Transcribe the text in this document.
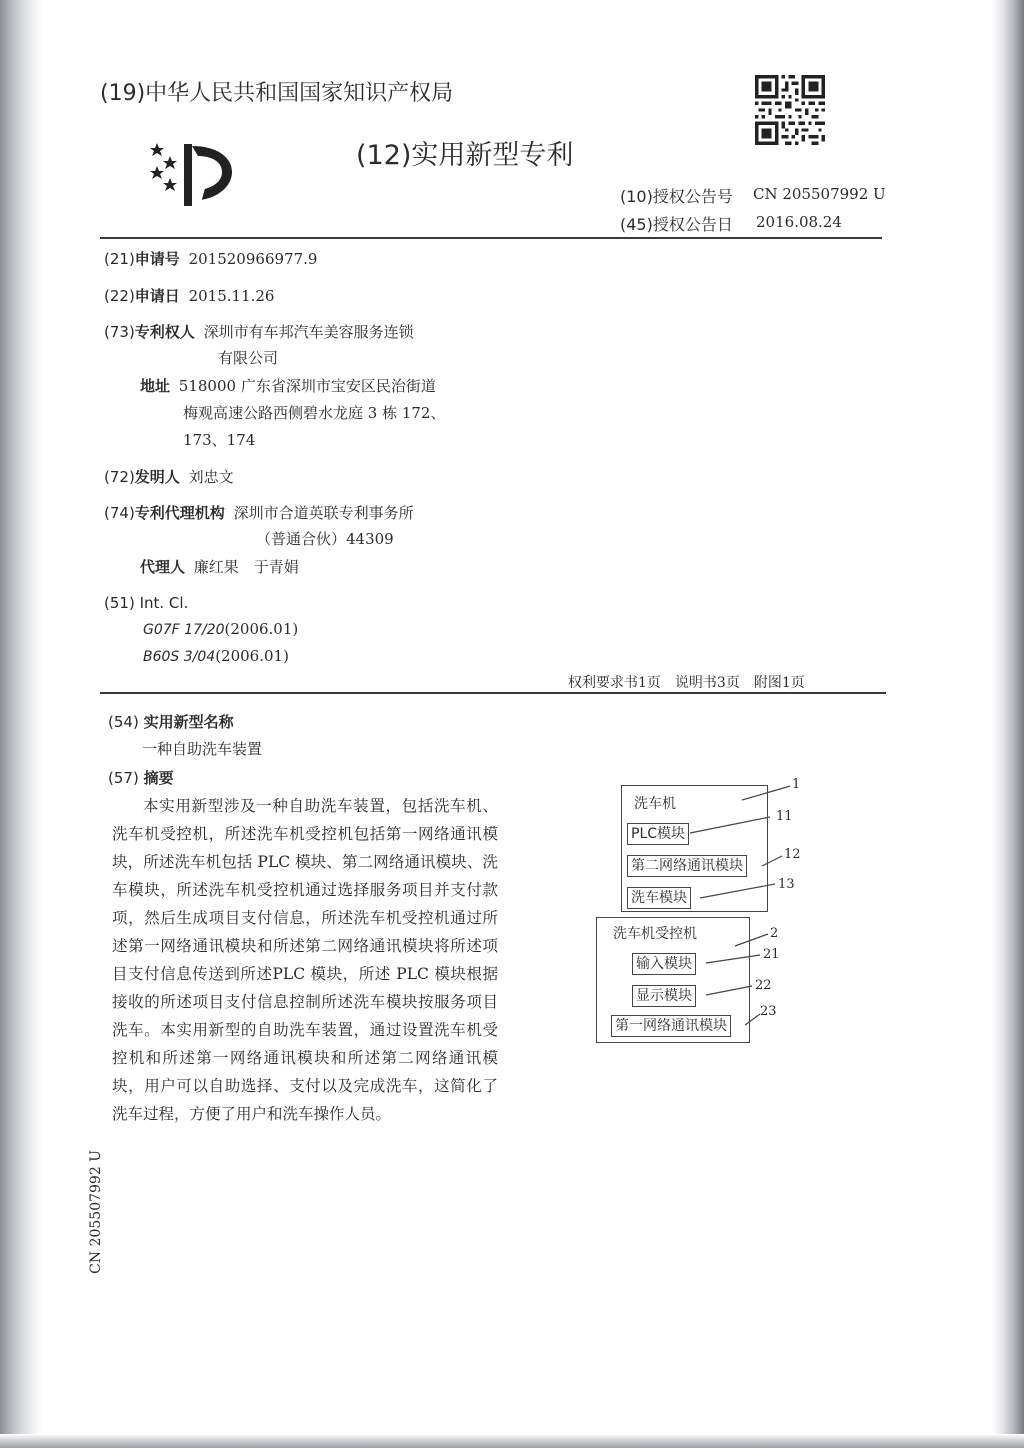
(19)中华人民共和国国家知识产权局
(12)实用新型专利
(10)授权公告号 CN 205507992 U
(45)授权公告日 2016.08.24
(21)申请号 201520966977.9
(22)申请日 2015.11.26
(73)专利权人 深圳市有车邦汽车美容服务连锁
有限公司
地址 518000 广东省深圳市宝安区民治街道
梅观高速公路西侧碧水龙庭 3 栋 172、
173、174
(72)发明人 刘忠文
(74)专利代理机构 深圳市合道英联专利事务所
（普通合伙）44309
代理人 廉红果　于青娟
(51) Int. Cl.
G07F 17/20(2006.01)
B60S 3/04(2006.01)
权利要求书1页　说明书3页　附图1页
(54) 实用新型名称
一种自助洗车装置
(57) 摘要

本实用新型涉及一种自助洗车装置，包括洗车机、洗车机受控机，所述洗车机受控机包括第一网络通讯模块，所述洗车机包括 PLC 模块、第二网络通讯模块、洗车模块，所述洗车机受控机通过选择服务项目并支付款项，然后生成项目支付信息，所述洗车机受控机通过所述第一网络通讯模块和所述第二网络通讯模块将所述项目支付信息传送到所述PLC 模块，所述 PLC 模块根据接收的所述项目支付信息控制所述洗车模块按服务项目洗车。本实用新型的自助洗车装置，通过设置洗车机受控机和所述第一网络通讯模块和所述第二网络通讯模块，用户可以自助选择、支付以及完成洗车，这简化了洗车过程，方便了用户和洗车操作人员。

洗车机
PLC模块
第二网络通讯模块
洗车模块
洗车机受控机
输入模块
显示模块
第一网络通讯模块
1
11
12
13
2
21
22
23
CN 205507992 U
